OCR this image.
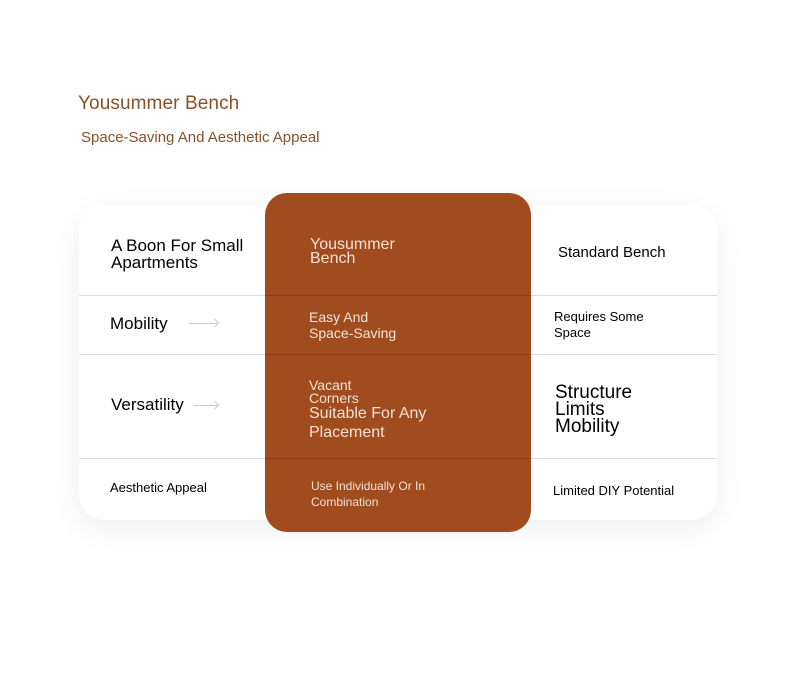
Yousummer Bench
Space-Saving And Aesthetic Appeal

A Boon For Small
Apartments

Standard Bench

Mobility	Requires Some
Space

Versatility

Structure
Limits
Mobility

Aesthetic Appeal	Limited DIY Potential

Yousummer
Bench

Easy And
Space-Saving

Vacant
Corners

Suitable For Any
Placement

Use Individually Or In
Combination
